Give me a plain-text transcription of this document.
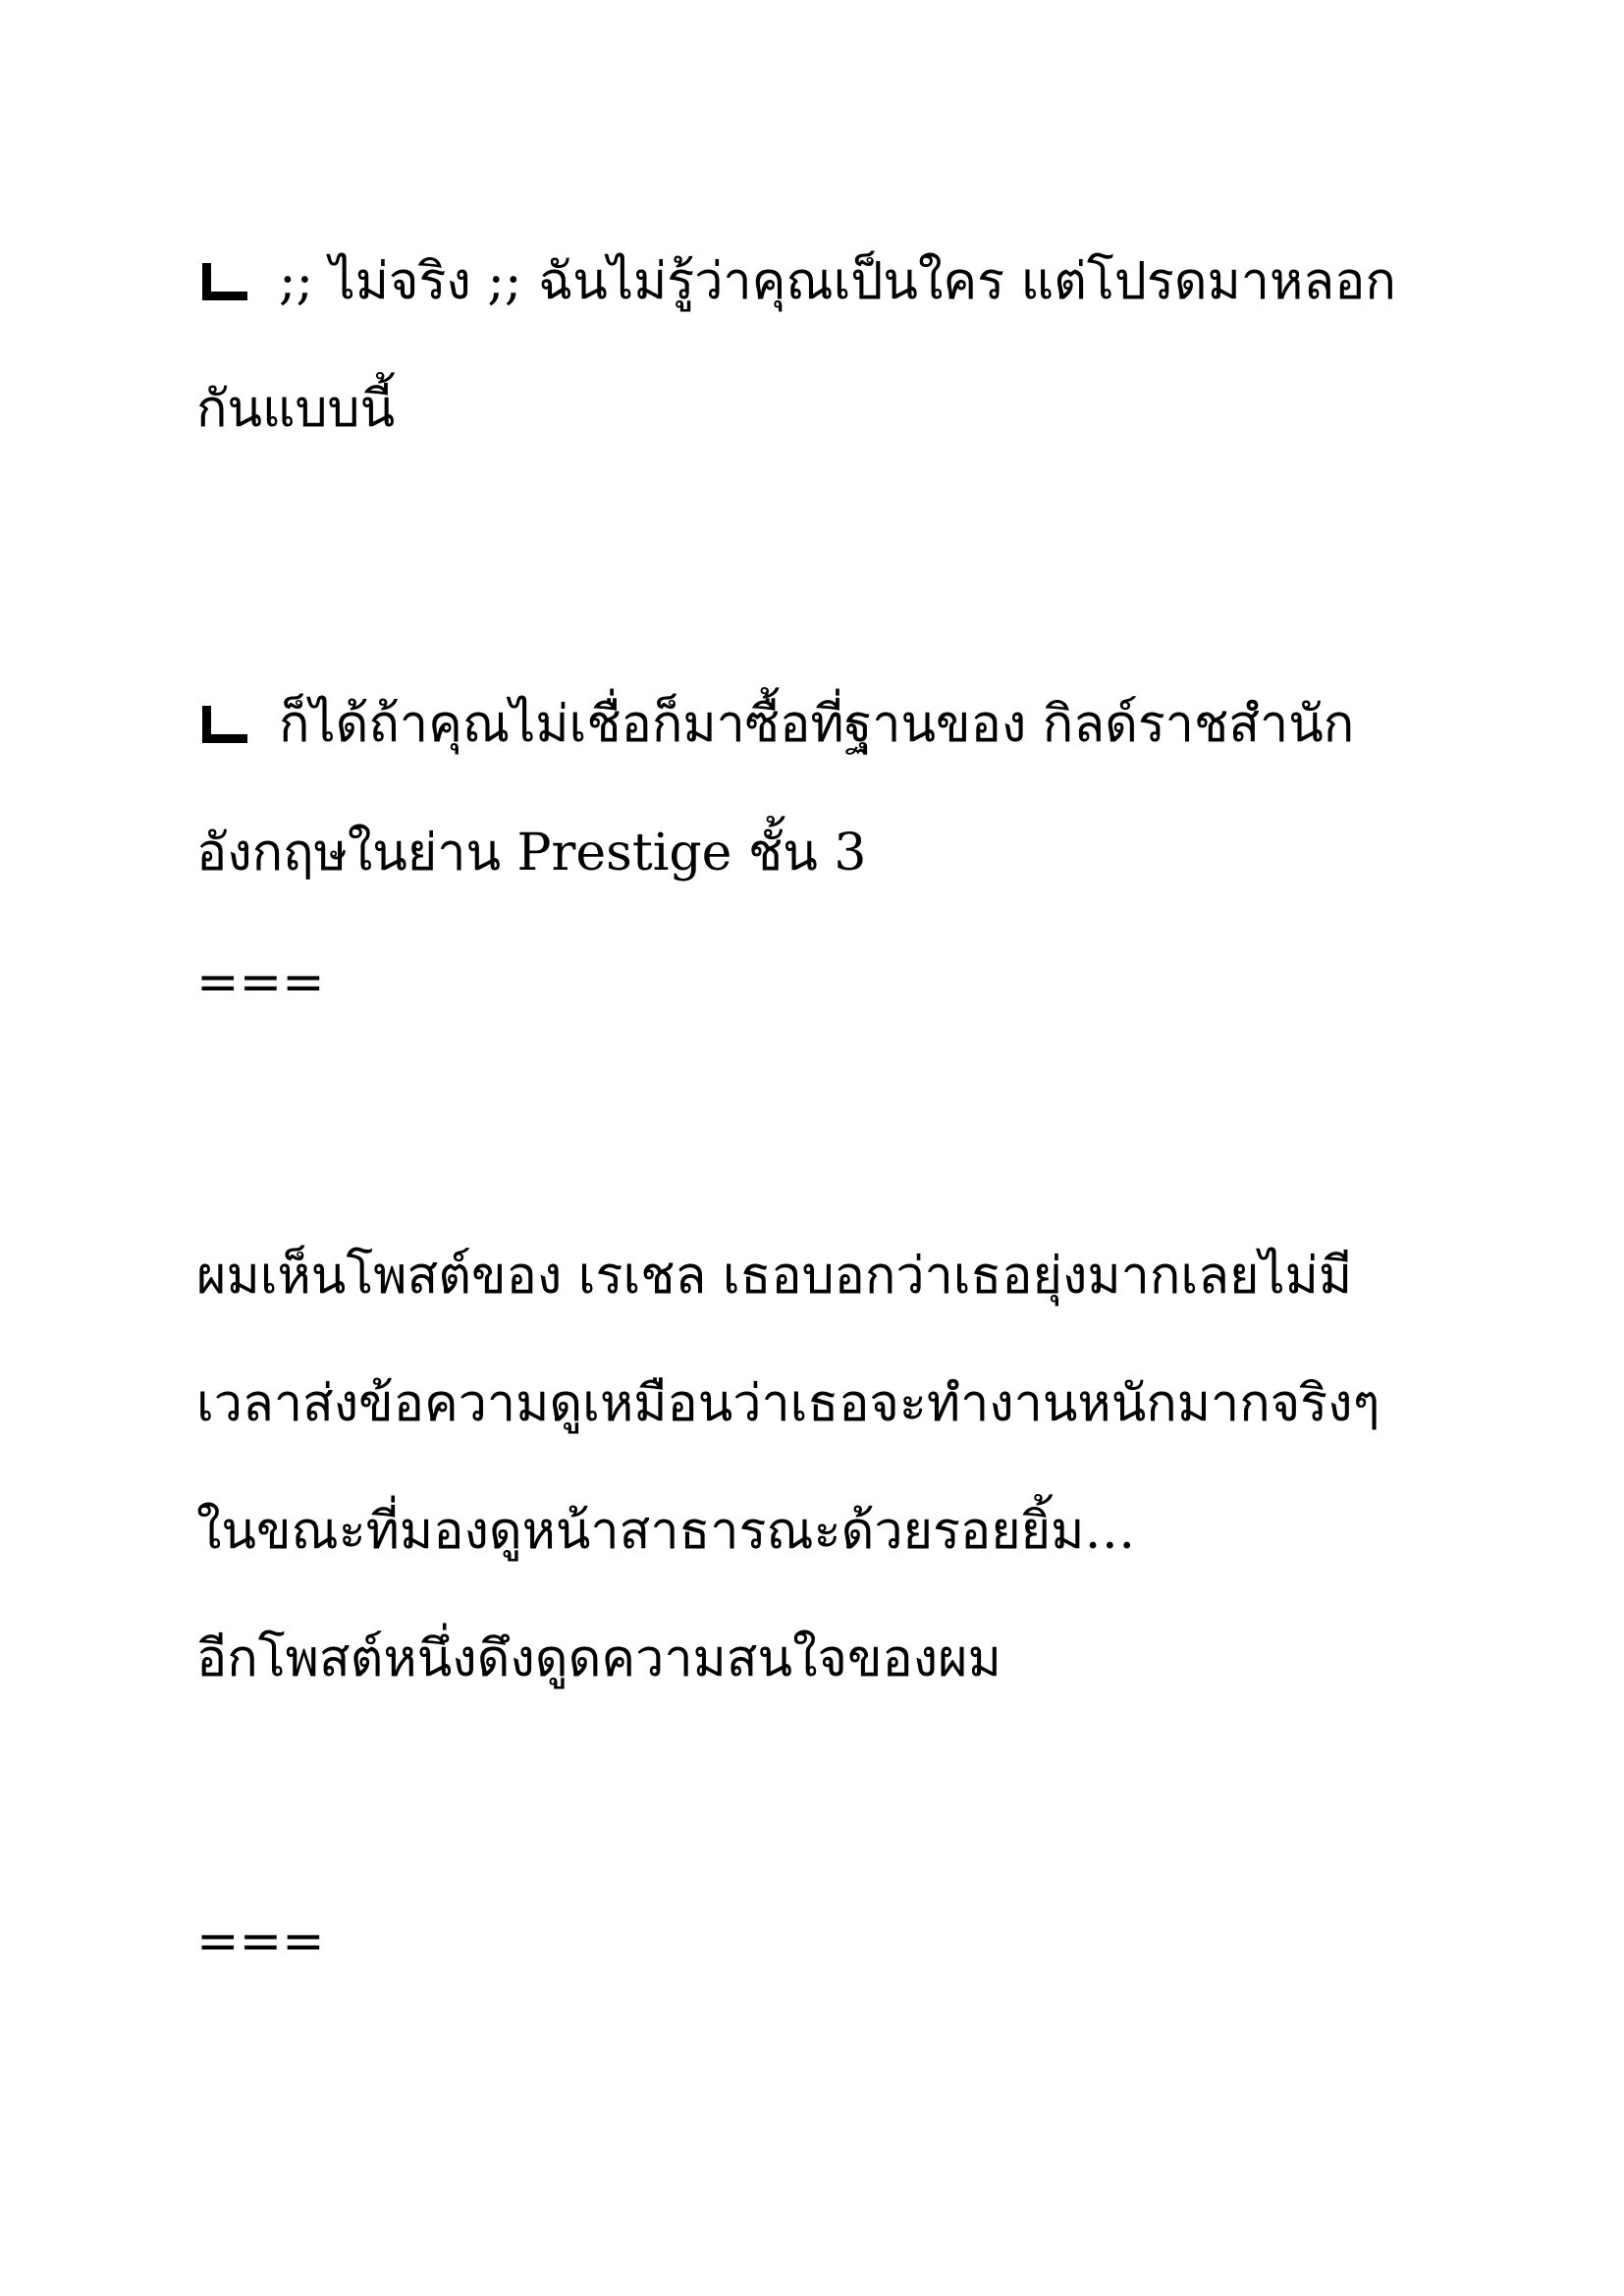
;; ไม่จริง ;; ฉันไม่รู้ว่าคุณเป็นใคร แต่โปรดมาหลอก
กันแบบนี้
ก็ได้ถ้าคุณไม่เชื่อก็มาซื้อที่ฐานของ กิลด์ราชสำนัก
อังกฤษในย่าน Prestige ชั้น 3
===
ผมเห็นโพสต์ของ เรเชล เธอบอกว่าเธอยุ่งมากเลยไม่มี
เวลาส่งข้อความดูเหมือนว่าเธอจะทำงานหนักมากจริงๆ
ในขณะที่มองดูหน้าสาธารณะด้วยรอยยิ้ม…
อีกโพสต์หนึ่งดึงดูดความสนใจของผม
===
